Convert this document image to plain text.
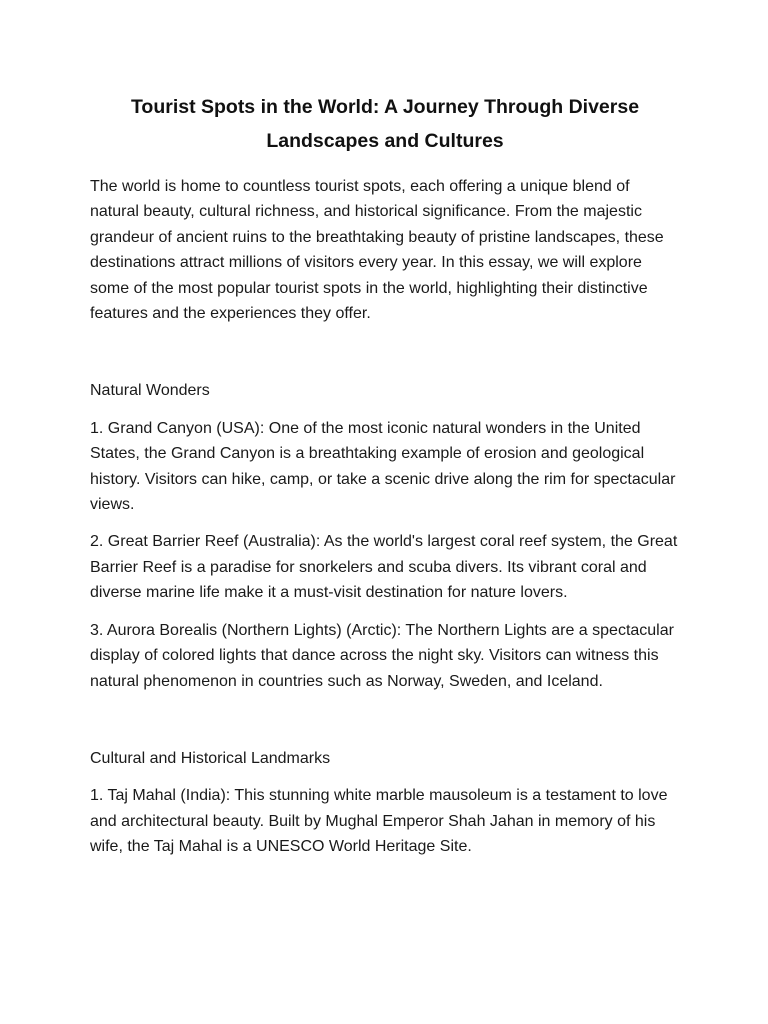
Tourist Spots in the World: A Journey Through Diverse
Landscapes and Cultures

The world is home to countless tourist spots, each offering a unique blend of natural beauty, cultural richness, and historical significance. From the majestic grandeur of ancient ruins to the breathtaking beauty of pristine landscapes, these destinations attract millions of visitors every year. In this essay, we will explore some of the most popular tourist spots in the world, highlighting their distinctive features and the experiences they offer.

Natural Wonders

1. Grand Canyon (USA): One of the most iconic natural wonders in the United States, the Grand Canyon is a breathtaking example of erosion and geological history. Visitors can hike, camp, or take a scenic drive along the rim for spectacular views.

2. Great Barrier Reef (Australia): As the world's largest coral reef system, the Great Barrier Reef is a paradise for snorkelers and scuba divers. Its vibrant coral and diverse marine life make it a must-visit destination for nature lovers.

3. Aurora Borealis (Northern Lights) (Arctic): The Northern Lights are a spectacular display of colored lights that dance across the night sky. Visitors can witness this natural phenomenon in countries such as Norway, Sweden, and Iceland.

Cultural and Historical Landmarks

1. Taj Mahal (India): This stunning white marble mausoleum is a testament to love and architectural beauty. Built by Mughal Emperor Shah Jahan in memory of his wife, the Taj Mahal is a UNESCO World Heritage Site.
